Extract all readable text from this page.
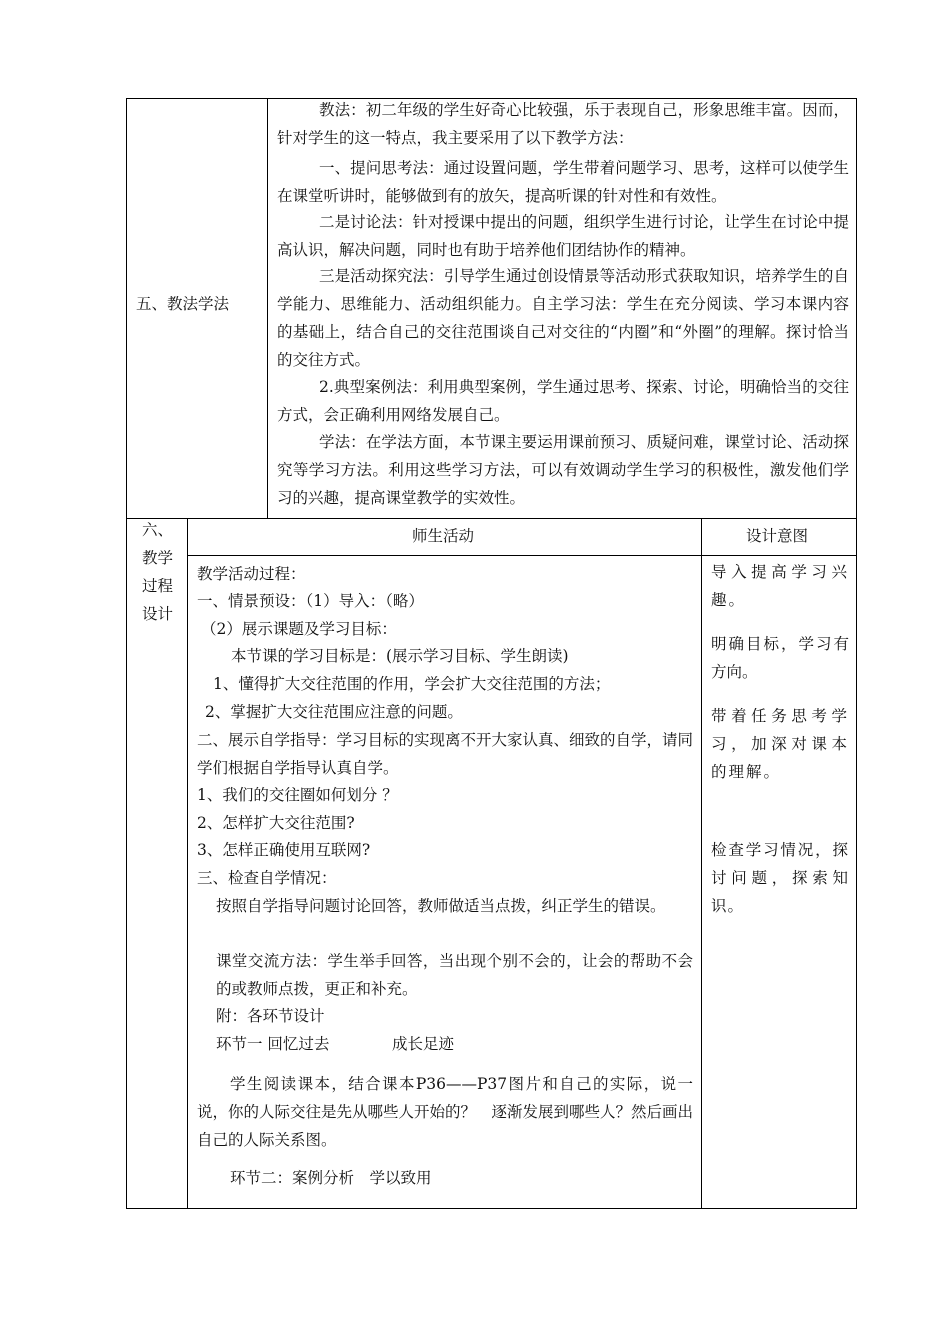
五、教法学法
教法：初二年级的学生好奇心比较强，乐于表现自己，形象思维丰富。因而，针对学生的这一特点，我主要采用了以下教学方法：
一、提问思考法：通过设置问题，学生带着问题学习、思考，这样可以使学生在课堂听讲时，能够做到有的放矢，提高听课的针对性和有效性。
二是讨论法：针对授课中提出的问题，组织学生进行讨论，让学生在讨论中提高认识，解决问题，同时也有助于培养他们团结协作的精神。
三是活动探究法：引导学生通过创设情景等活动形式获取知识，培养学生的自学能力、思维能力、活动组织能力。自主学习法：学生在充分阅读、学习本课内容的基础上，结合自己的交往范围谈自己对交往的“内圈”和“外圈”的理解。探讨恰当的交往方式。
2.典型案例法：利用典型案例，学生通过思考、探索、讨论，明确恰当的交往方式，会正确利用网络发展自己。
学法：在学法方面，本节课主要运用课前预习、质疑问难，课堂讨论、活动探究等学习方法。利用这些学习方法，可以有效调动学生学习的积极性，激发他们学习的兴趣，提高课堂教学的实效性。
六、
教学
过程
设计
师生活动	设计意图
教学活动过程：
一、情景预设：（1）导入：（略）
（2）展示课题及学习目标：
本节课的学习目标是：(展示学习目标、学生朗读)
1、懂得扩大交往范围的作用，学会扩大交往范围的方法；
2、掌握扩大交往范围应注意的问题。
二、展示自学指导：学习目标的实现离不开大家认真、细致的自学，请同学们根据自学指导认真自学。
1、我们的交往圈如何划分 ？
2、怎样扩大交往范围?
3、怎样正确使用互联网?
三、检查自学情况：
按照自学指导问题讨论回答，教师做适当点拨，纠正学生的错误。
课堂交流方法：学生举手回答，当出现个别不会的，让会的帮助不会的或教师点拨，更正和补充。
附：各环节设计
环节一 回忆过去	成长足迹
学生阅读课本，结合课本P36——P37图片和自己的实际，说一说，你的人际交往是先从哪些人开始的？　逐渐发展到哪些人？然后画出自己的人际关系图。
环节二：案例分析　学以致用
导入提高学习兴趣。
明确目标，学习有方向。
带着任务思考学习，加深对课本的理解。
检查学习情况，探讨问题，探索知识。
